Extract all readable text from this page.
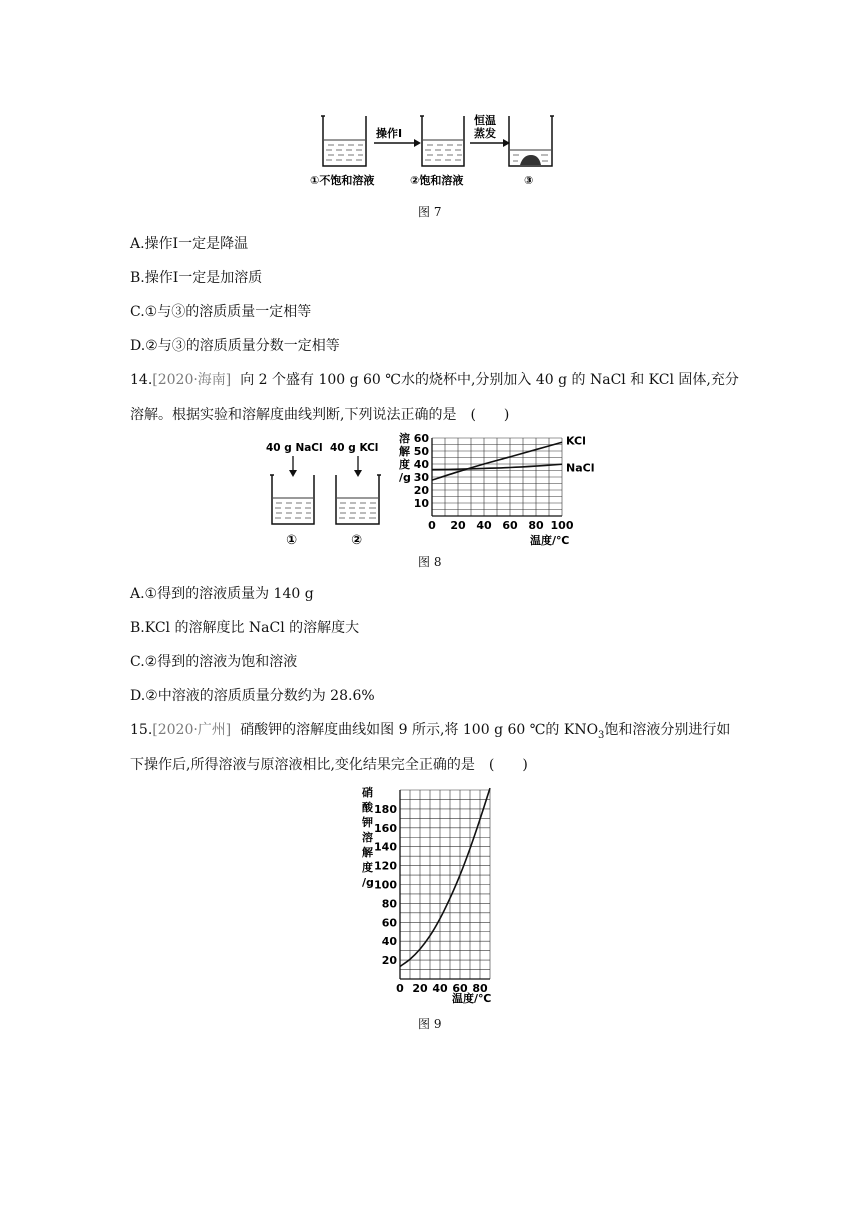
操作Ⅰ
恒温
蒸发
①不饱和溶液	②饱和溶液	③
图 7
A.操作Ⅰ一定是降温
B.操作Ⅰ一定是加溶质
C.①与③的溶质质量一定相等
D.②与③的溶质质量分数一定相等
14.[2020·海南] 向 2 个盛有 100 g 60 ℃水的烧杯中,分别加入 40 g 的 NaCl 和 KCl 固体,充分
溶解。根据实验和溶解度曲线判断,下列说法正确的是　(　　)
40 g NaCl 40 g KCl
①	②
溶
解
度
/g
10
20
30
40
50
60
0 20 40 60 80 100
KCl
NaCl
温度/℃
图 8
A.①得到的溶液质量为 140 g
B.KCl 的溶解度比 NaCl 的溶解度大
C.②得到的溶液为饱和溶液
D.②中溶液的溶质质量分数约为 28.6%
15.[2020·广州] 硝酸钾的溶解度曲线如图 9 所示,将 100 g 60 ℃的 $KNO_3$饱和溶液分别进行如
下操作后,所得溶液与原溶液相比,变化结果完全正确的是　(　　)
硝
酸
钾
溶
解
度
/g
20
40
60
80
100
120
140
160
180
0 20 40 60 80
温度/℃
图 9
